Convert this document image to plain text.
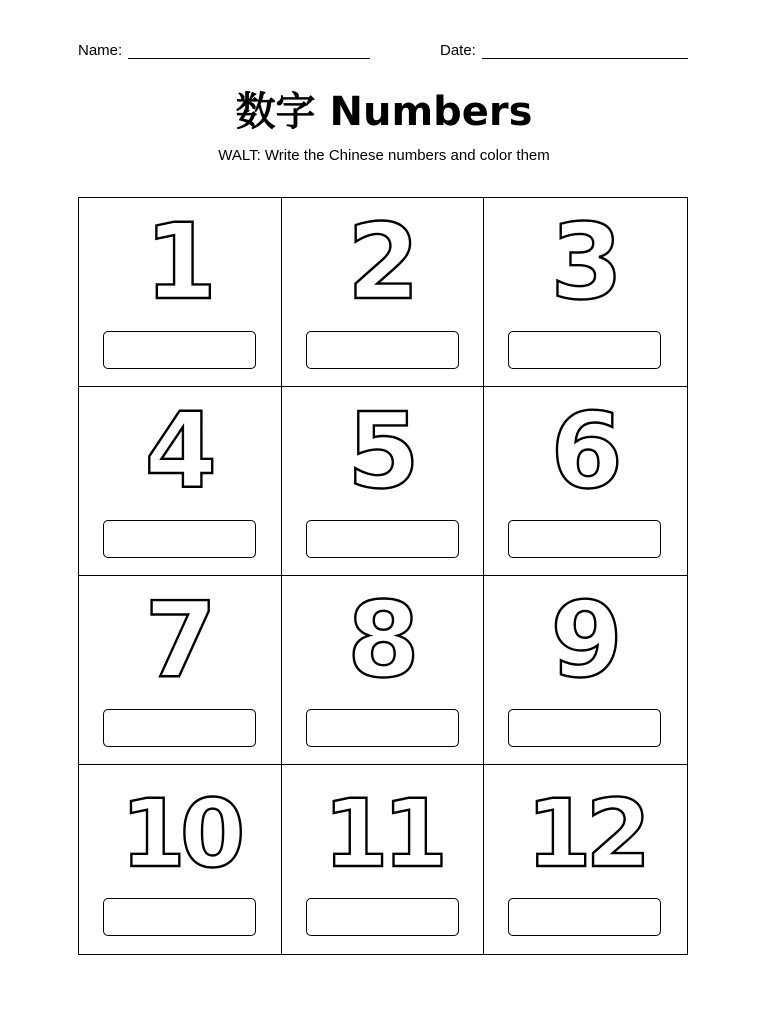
Name:	Date:
数字 Numbers
WALT: Write the Chinese numbers and color them
1	2	3
4	5	6
7	8	9
10 11 12
